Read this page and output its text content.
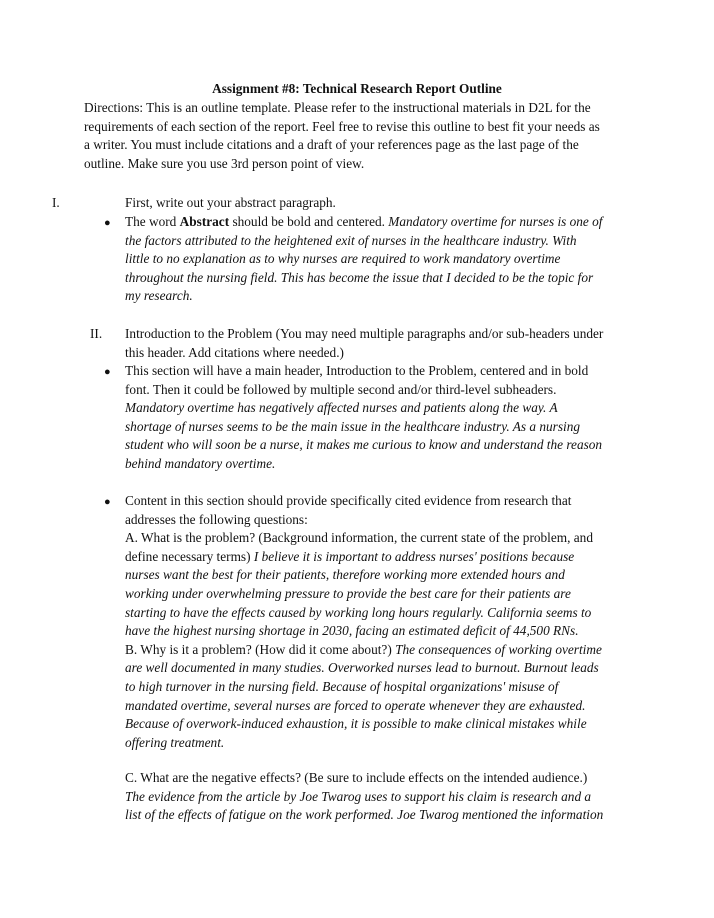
Assignment #8: Technical Research Report Outline
Directions: This is an outline template. Please refer to the instructional materials in D2L for the
requirements of each section of the report. Feel free to revise this outline to best fit your needs as
a writer. You must include citations and a draft of your references page as the last page of the
outline. Make sure you use 3rd person point of view.
I.	First, write out your abstract paragraph.
● The word Abstract should be bold and centered. Mandatory overtime for nurses is one of
the factors attributed to the heightened exit of nurses in the healthcare industry. With
little to no explanation as to why nurses are required to work mandatory overtime
throughout the nursing field. This has become the issue that I decided to be the topic for
my research.
II. Introduction to the Problem (You may need multiple paragraphs and/or sub-headers under
this header. Add citations where needed.)
● This section will have a main header, Introduction to the Problem, centered and in bold
font. Then it could be followed by multiple second and/or third-level subheaders.
Mandatory overtime has negatively affected nurses and patients along the way. A
shortage of nurses seems to be the main issue in the healthcare industry. As a nursing
student who will soon be a nurse, it makes me curious to know and understand the reason
behind mandatory overtime.
● Content in this section should provide specifically cited evidence from research that
addresses the following questions:
A. What is the problem? (Background information, the current state of the problem, and
define necessary terms) I believe it is important to address nurses' positions because
nurses want the best for their patients, therefore working more extended hours and
working under overwhelming pressure to provide the best care for their patients are
starting to have the effects caused by working long hours regularly. California seems to
have the highest nursing shortage in 2030, facing an estimated deficit of 44,500 RNs.
B. Why is it a problem? (How did it come about?) The consequences of working overtime
are well documented in many studies. Overworked nurses lead to burnout. Burnout leads
to high turnover in the nursing field. Because of hospital organizations' misuse of
mandated overtime, several nurses are forced to operate whenever they are exhausted.
Because of overwork-induced exhaustion, it is possible to make clinical mistakes while
offering treatment.
C. What are the negative effects? (Be sure to include effects on the intended audience.)
The evidence from the article by Joe Twarog uses to support his claim is research and a
list of the effects of fatigue on the work performed. Joe Twarog mentioned the information
